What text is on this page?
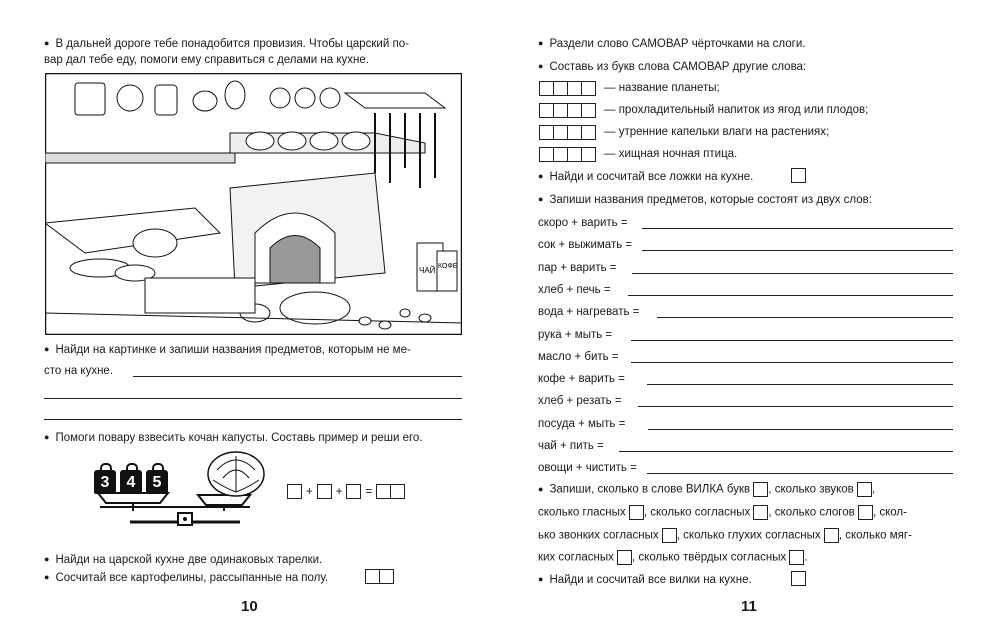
● В дальней дороге тебе понадобится провизия. Чтобы царский по-
вар дал тебе еду, помоги ему справиться с делами на кухне.
ЧАЙ КОФЕ
● Найди на картинке и запиши названия предметов, которым не ме-
сто на кухне.
● Помоги повару взвесить кочан капусты. Составь пример и реши его.
3	4	5
+ + =
● Найди на царской кухне две одинаковых тарелки.
● Сосчитай все картофелины, рассыпанные на полу.
10
● Раздели слово САМОВАР чёрточками на слоги.
● Составь из букв слова САМОВАР другие слова:
— название планеты;
— прохладительный напиток из ягод или плодов;
— утренние капельки влаги на растениях;
— хищная ночная птица.
● Найди и сосчитай все ложки на кухне.
● Запиши названия предметов, которые состоят из двух слов:
скоро + варить =
сок + выжимать =
пар + варить =
хлеб + печь =
вода + нагревать =
рука + мыть =
масло + бить =
кофе + варить =
хлеб + резать =
посуда + мыть =
чай + пить =
овощи + чистить =
● Запиши, сколько в слове ВИЛКА букв , сколько звуков ,
сколько гласных , сколько согласных , сколько слогов , скол-
ько звонких согласных , сколько глухих согласных , сколько мяг-
ких согласных , сколько твёрдых согласных .
● Найди и сосчитай все вилки на кухне.
11
